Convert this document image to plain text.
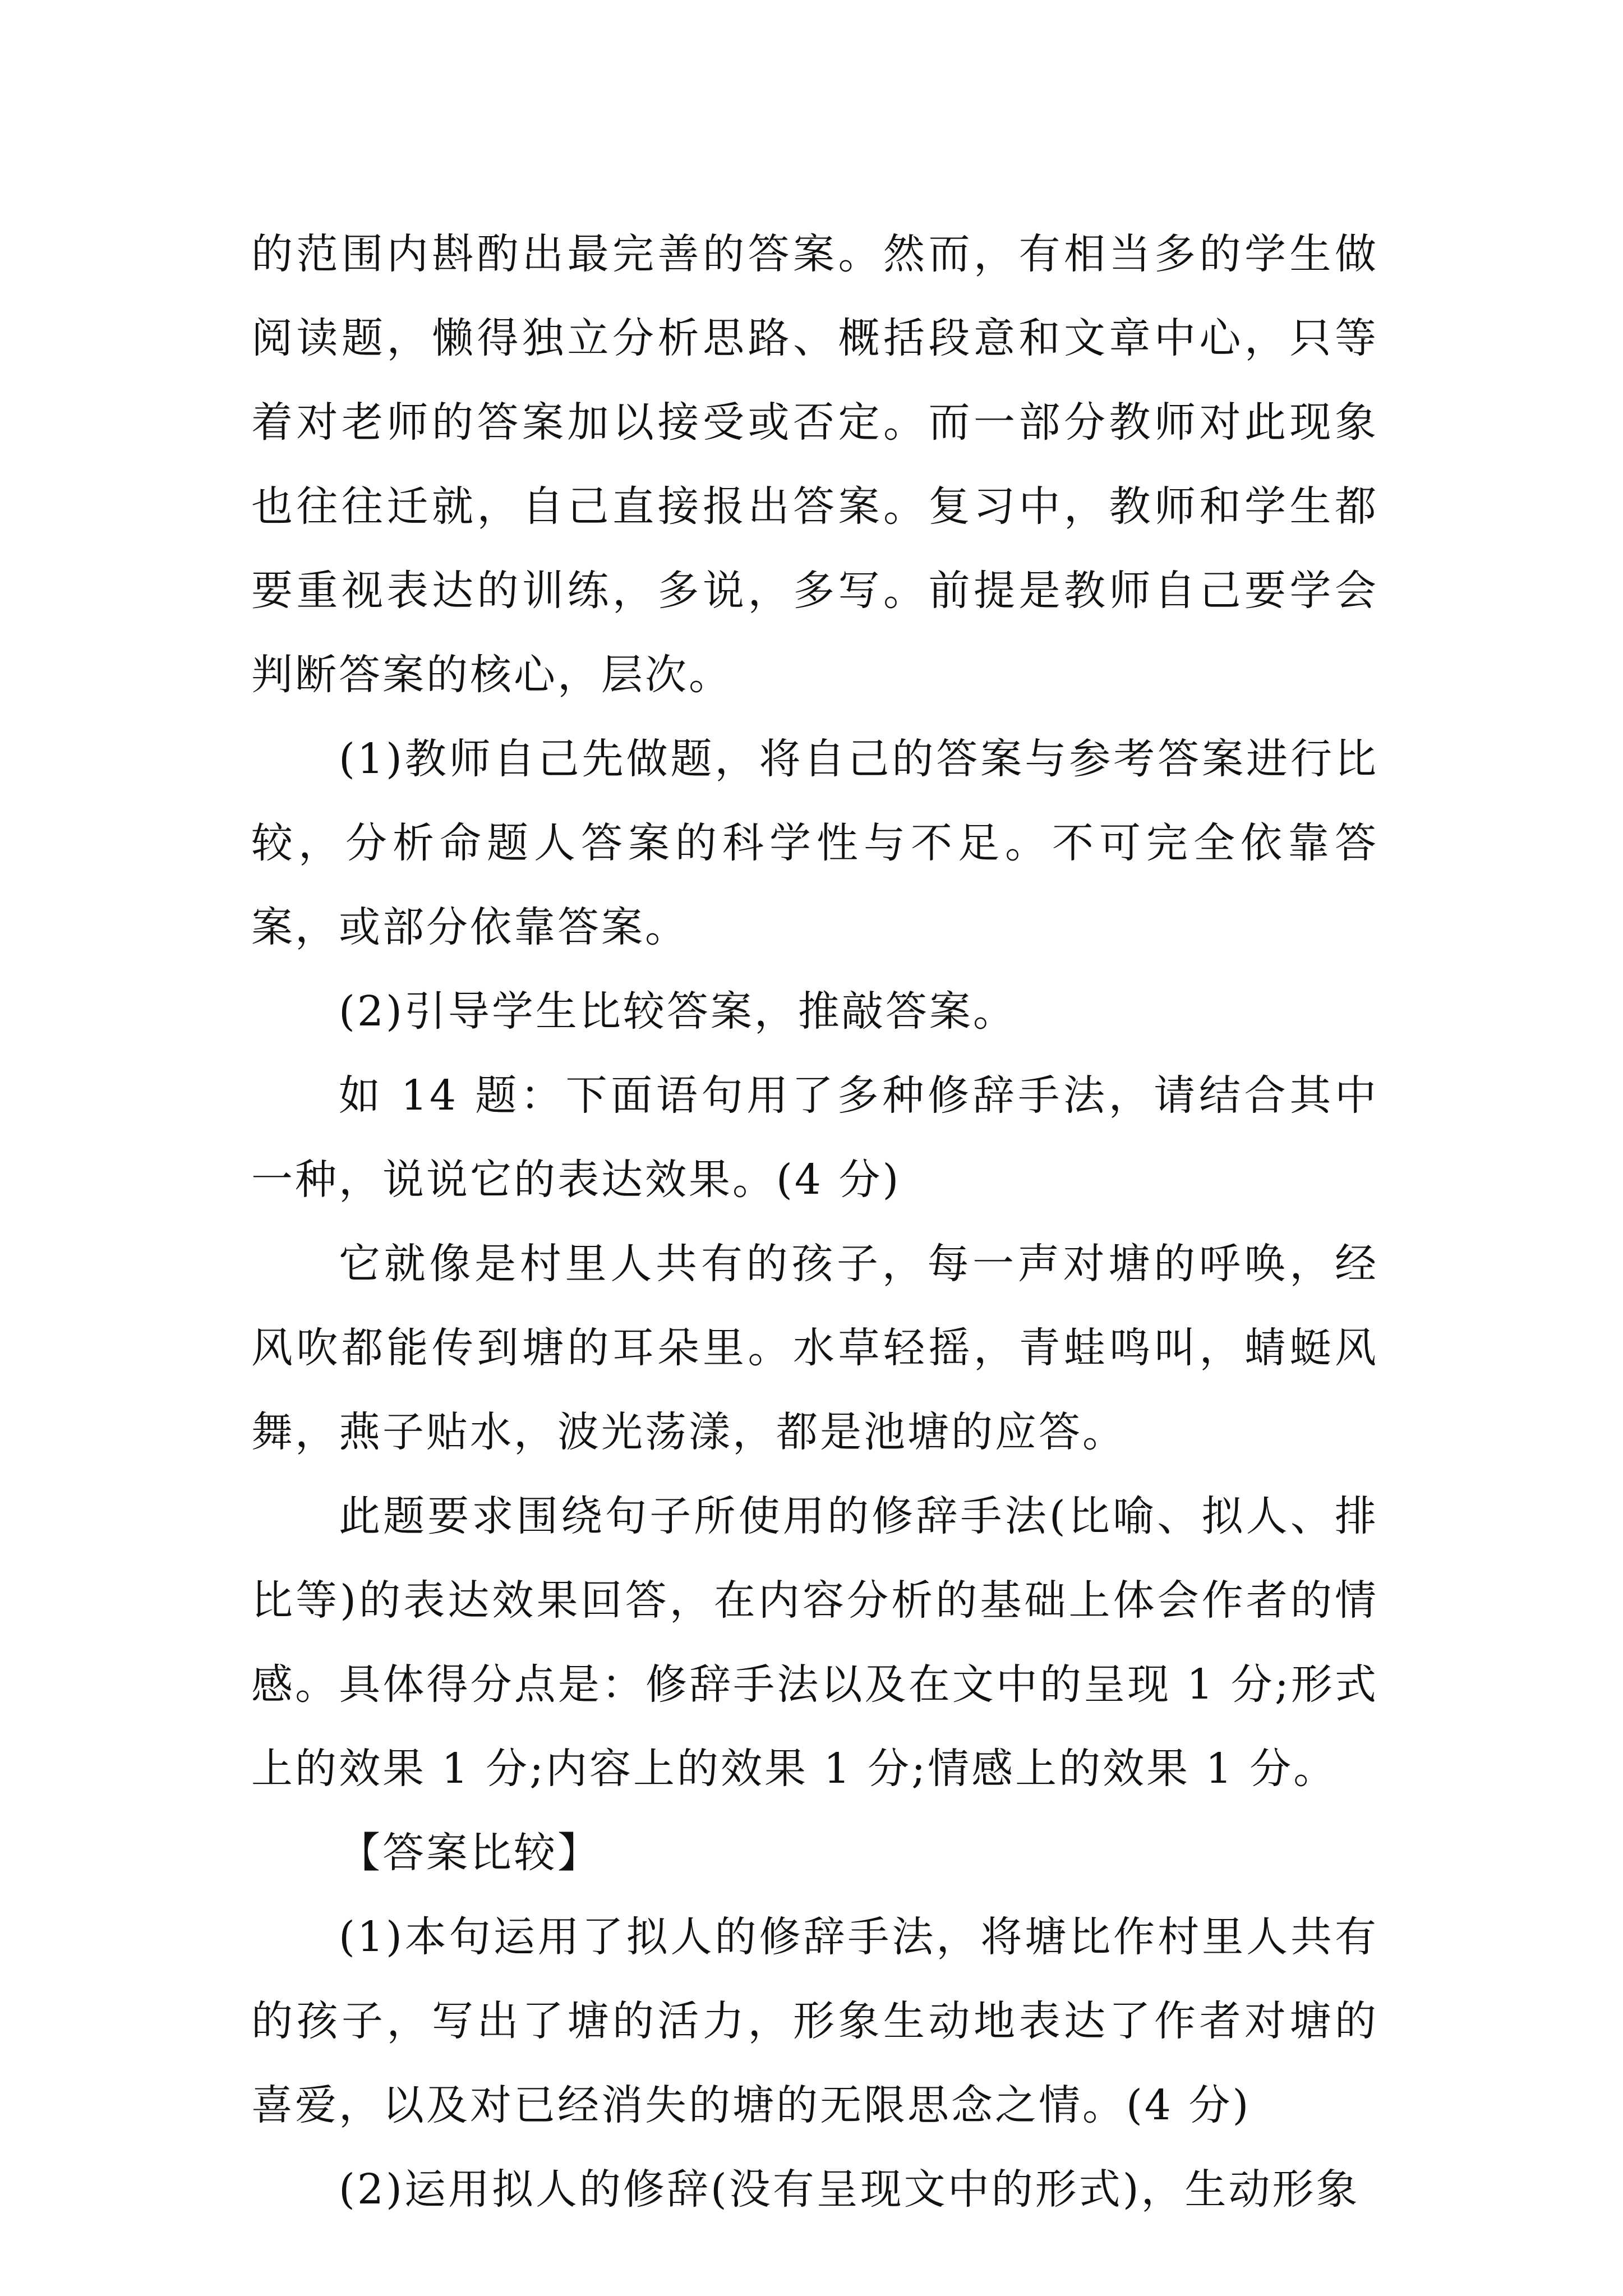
的范围内斟酌出最完善的答案。然而，有相当多的学生做阅读题，懒得独立分析思路、概括段意和文章中心，只等着对老师的答案加以接受或否定。而一部分教师对此现象也往往迁就，自己直接报出答案。复习中，教师和学生都要重视表达的训练，多说，多写。前提是教师自己要学会判断答案的核心，层次。

(1)教师自己先做题，将自己的答案与参考答案进行比较，分析命题人答案的科学性与不足。不可完全依靠答案，或部分依靠答案。

(2)引导学生比较答案，推敲答案。

如 14 题：下面语句用了多种修辞手法，请结合其中一种，说说它的表达效果。(4 分)

它就像是村里人共有的孩子，每一声对塘的呼唤，经风吹都能传到塘的耳朵里。水草轻摇，青蛙鸣叫，蜻蜓风舞，燕子贴水，波光荡漾，都是池塘的应答。

此题要求围绕句子所使用的修辞手法(比喻、拟人、排比等)的表达效果回答，在内容分析的基础上体会作者的情感。具体得分点是：修辞手法以及在文中的呈现 1 分;形式上的效果 1 分;内容上的效果 1 分;情感上的效果 1 分。

【答案比较】

(1)本句运用了拟人的修辞手法，将塘比作村里人共有的孩子，写出了塘的活力，形象生动地表达了作者对塘的喜爱，以及对已经消失的塘的无限思念之情。(4 分)

(2)运用拟人的修辞(没有呈现文中的形式)，生动形象
